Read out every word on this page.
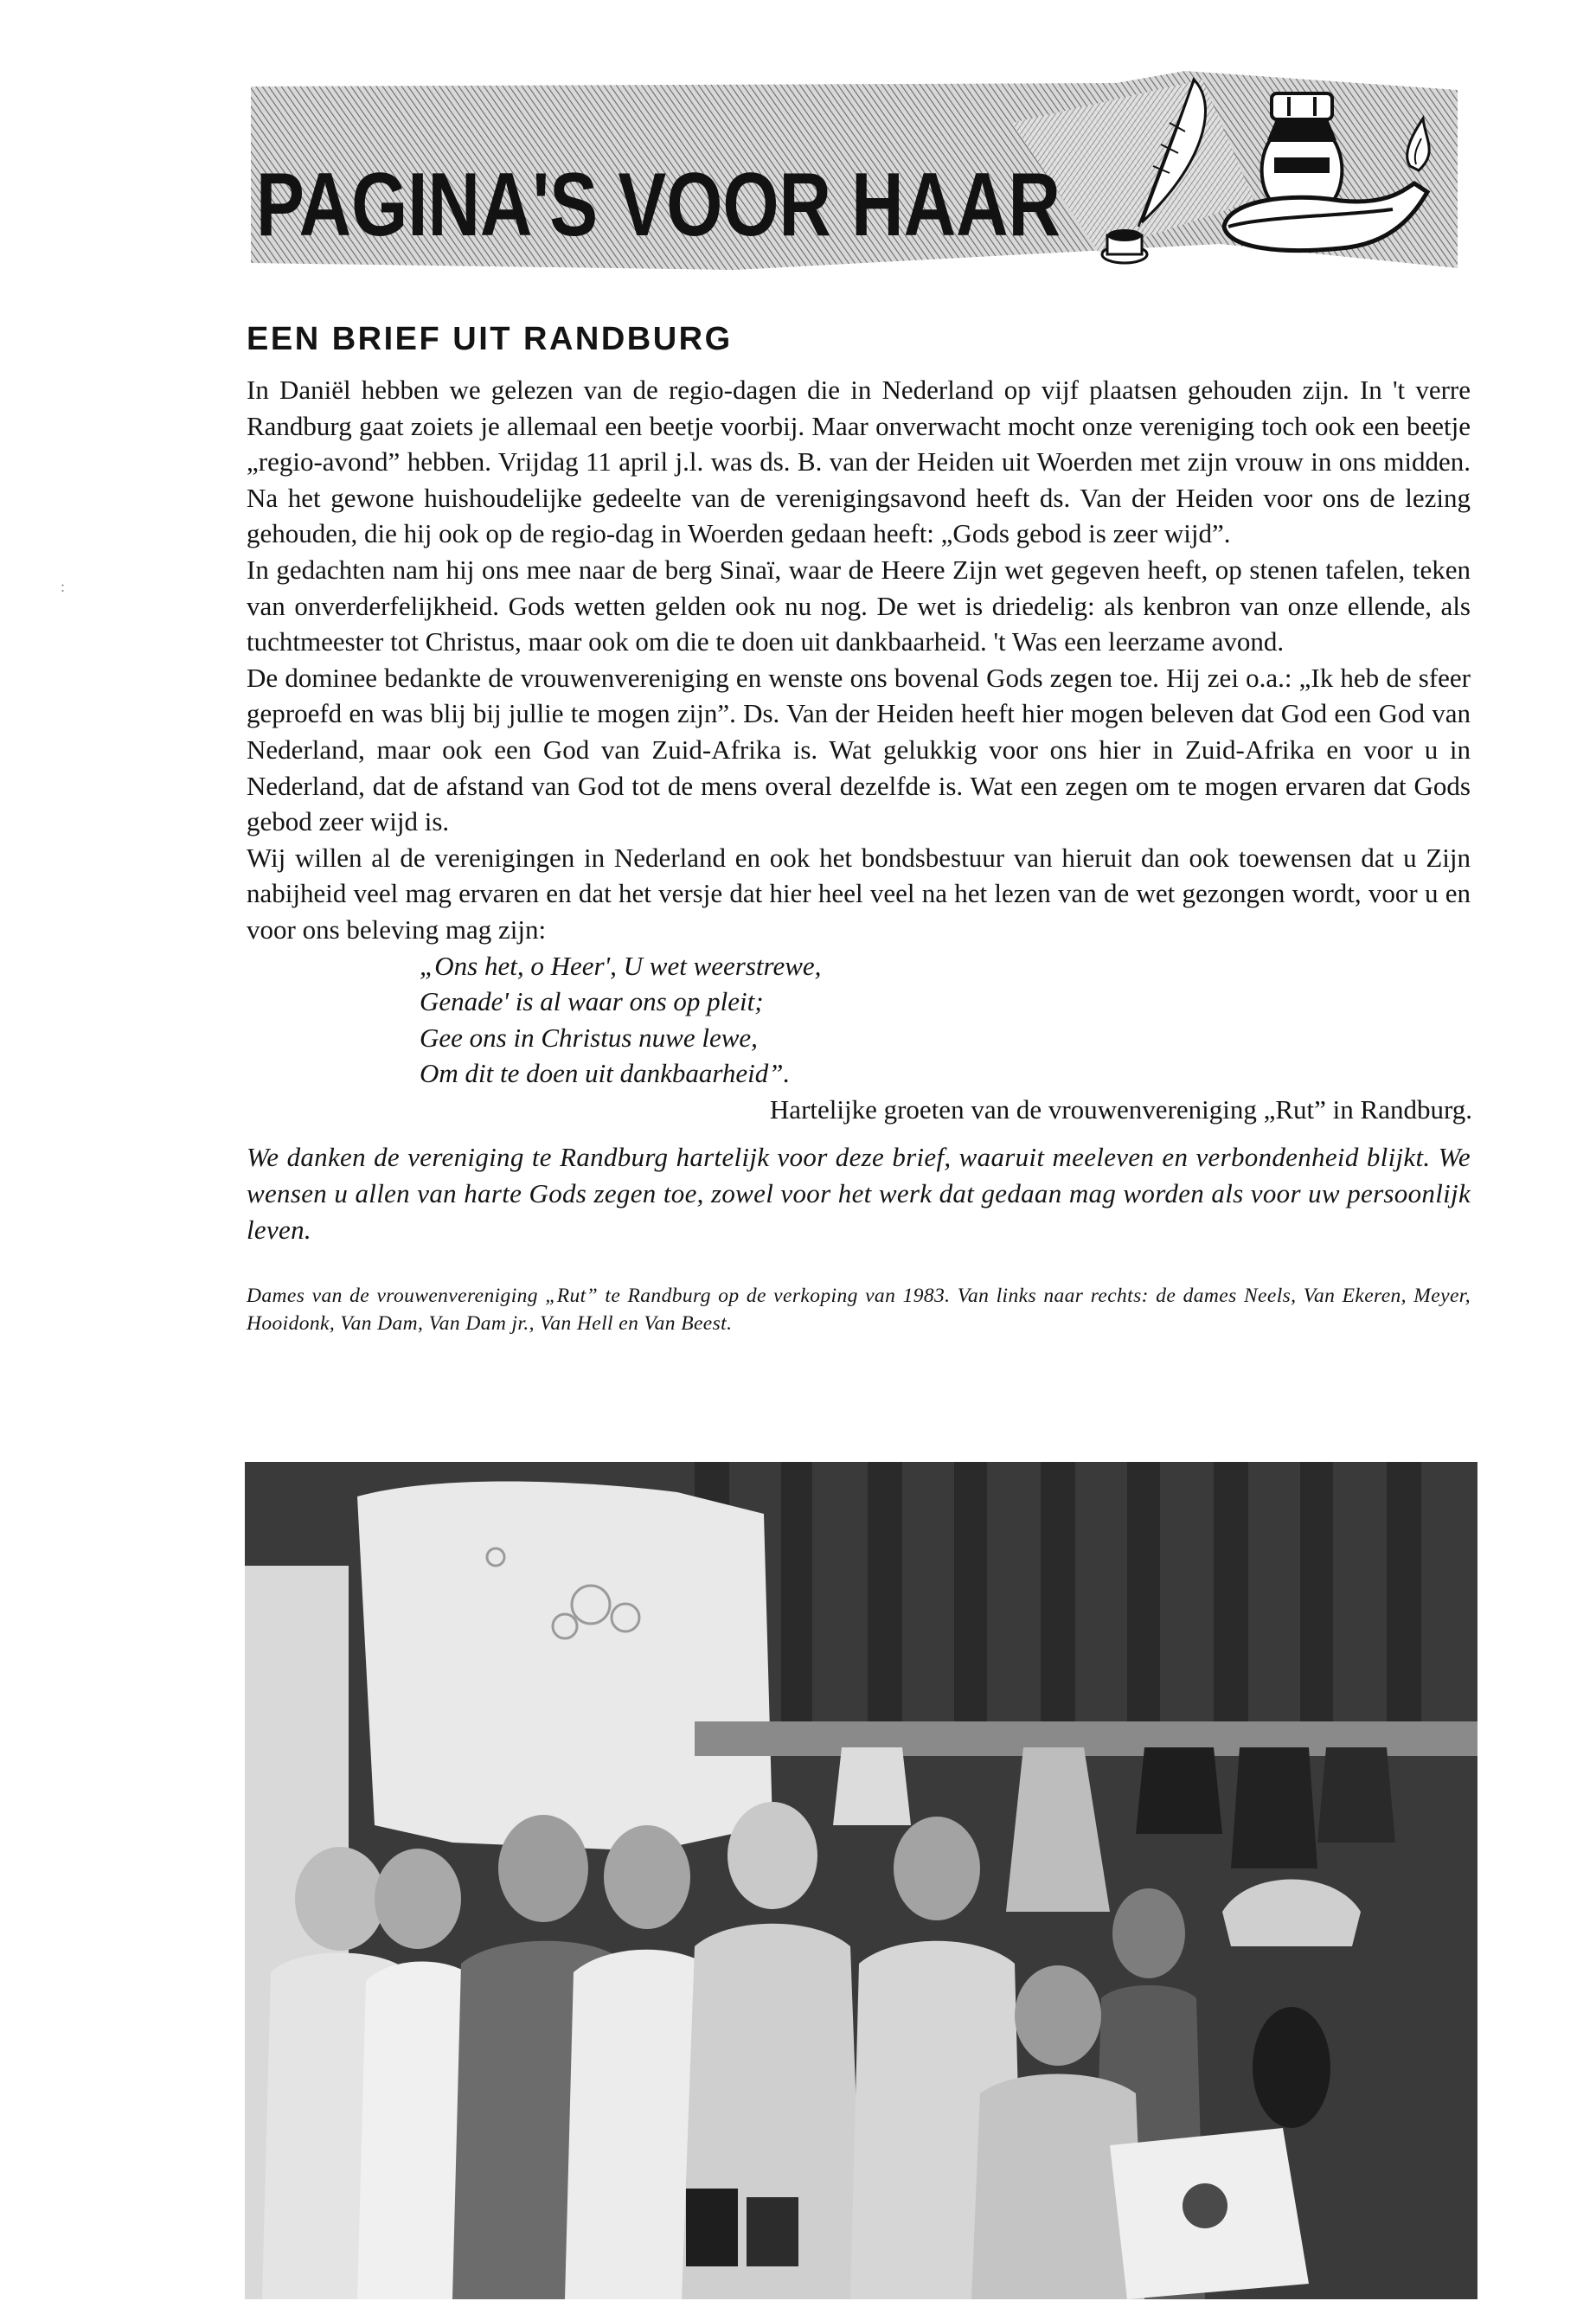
:
PAGINA'S VOOR HAAR
EEN BRIEF UIT RANDBURG

In Daniël hebben we gelezen van de regio-dagen die in Nederland op vijf plaatsen gehouden zijn. In 't verre Randburg gaat zoiets je allemaal een beetje voorbij. Maar onverwacht mocht onze vereniging toch ook een beetje „regio-avond” hebben. Vrijdag 11 april j.l. was ds. B. van der Heiden uit Woerden met zijn vrouw in ons midden. Na het gewone huishoudelijke gedeelte van de verenigingsavond heeft ds. Van der Heiden voor ons de lezing gehouden, die hij ook op de regio-dag in Woerden gedaan heeft: „Gods gebod is zeer wijd”.

In gedachten nam hij ons mee naar de berg Sinaï, waar de Heere Zijn wet gegeven heeft, op stenen tafelen, teken van onverderfelijkheid. Gods wetten gelden ook nu nog. De wet is driedelig: als kenbron van onze ellende, als tuchtmeester tot Christus, maar ook om die te doen uit dankbaarheid. 't Was een leerzame avond.

De dominee bedankte de vrouwenvereniging en wenste ons bovenal Gods zegen toe. Hij zei o.a.: „Ik heb de sfeer geproefd en was blij bij jullie te mogen zijn”. Ds. Van der Heiden heeft hier mogen beleven dat God een God van Nederland, maar ook een God van Zuid-Afrika is. Wat gelukkig voor ons hier in Zuid-Afrika en voor u in Nederland, dat de afstand van God tot de mens overal dezelfde is. Wat een zegen om te mogen ervaren dat Gods gebod zeer wijd is.

Wij willen al de verenigingen in Nederland en ook het bondsbestuur van hieruit dan ook toewensen dat u Zijn nabijheid veel mag ervaren en dat het versje dat hier heel veel na het lezen van de wet gezongen wordt, voor u en voor ons beleving mag zijn:

„Ons het, o Heer', U wet weerstrewe,
Genade' is al waar ons op pleit;
Gee ons in Christus nuwe lewe,
Om dit te doen uit dankbaarheid”.
Hartelijke groeten van de vrouwenvereniging „Rut” in Randburg.

We danken de vereniging te Randburg hartelijk voor deze brief, waaruit meeleven en verbondenheid blijkt. We wensen u allen van harte Gods zegen toe, zowel voor het werk dat gedaan mag worden als voor uw persoonlijk leven.

Dames van de vrouwenvereniging „Rut” te Randburg op de verkoping van 1983. Van links naar rechts: de dames Neels, Van Ekeren, Meyer, Hooidonk, Van Dam, Van Dam jr., Van Hell en Van Beest.
